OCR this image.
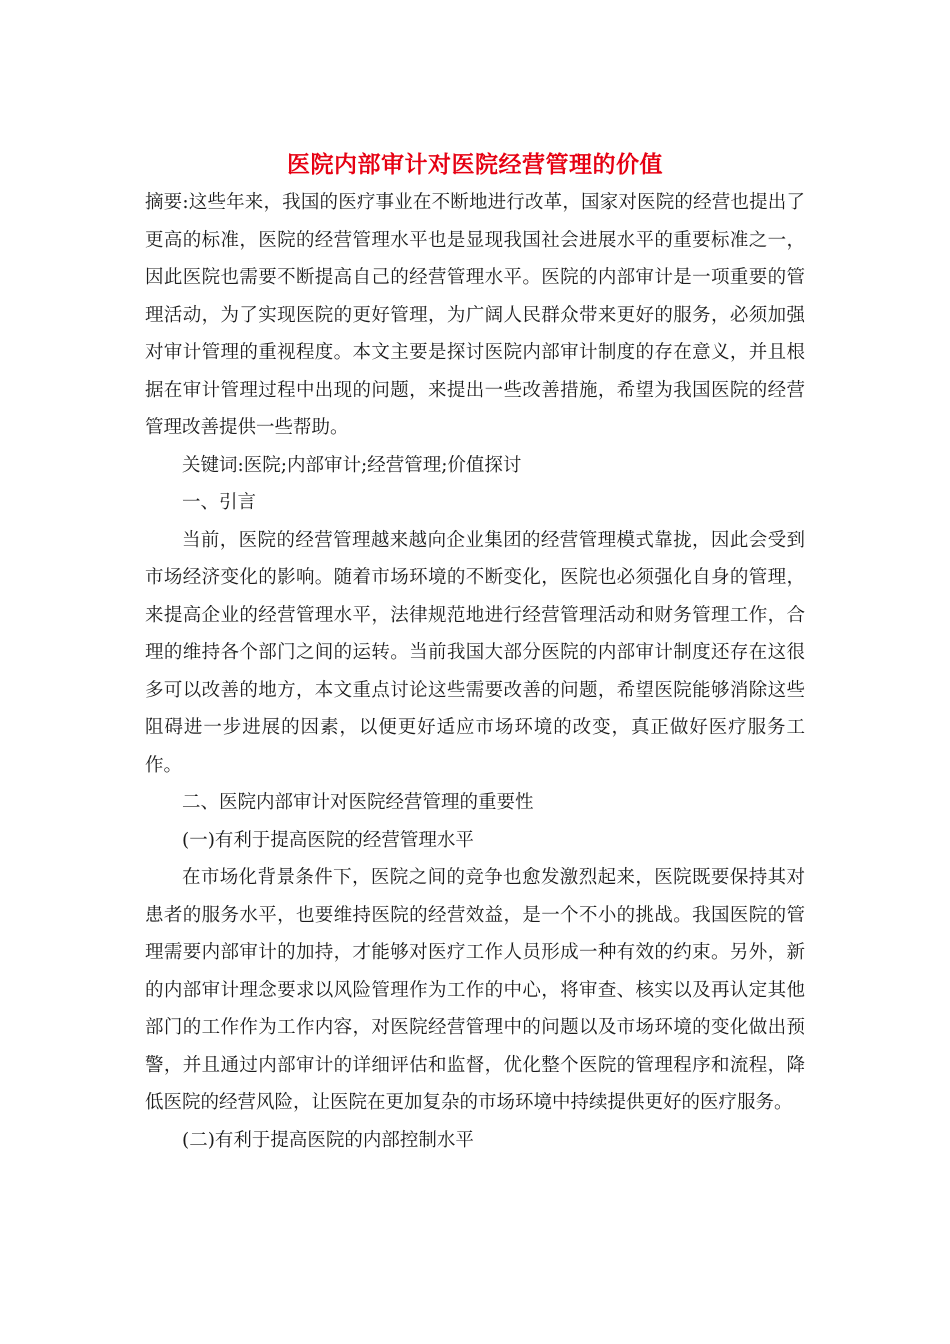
医院内部审计对医院经营管理的价值

摘要:这些年来，我国的医疗事业在不断地进行改革，国家对医院的经营也提出了更高的标准，医院的经营管理水平也是显现我国社会进展水平的重要标准之一，因此医院也需要不断提高自己的经营管理水平。医院的内部审计是一项重要的管理活动，为了实现医院的更好管理，为广阔人民群众带来更好的服务，必须加强对审计管理的重视程度。本文主要是探讨医院内部审计制度的存在意义，并且根据在审计管理过程中出现的问题，来提出一些改善措施，希望为我国医院的经营管理改善提供一些帮助。

关键词:医院;内部审计;经营管理;价值探讨

一、引言

当前，医院的经营管理越来越向企业集团的经营管理模式靠拢，因此会受到市场经济变化的影响。随着市场环境的不断变化，医院也必须强化自身的管理，来提高企业的经营管理水平，法律规范地进行经营管理活动和财务管理工作，合理的维持各个部门之间的运转。当前我国大部分医院的内部审计制度还存在这很多可以改善的地方，本文重点讨论这些需要改善的问题，希望医院能够消除这些阻碍进一步进展的因素，以便更好适应市场环境的改变，真正做好医疗服务工作。

二、医院内部审计对医院经营管理的重要性

(一)有利于提高医院的经营管理水平

在市场化背景条件下，医院之间的竞争也愈发激烈起来，医院既要保持其对患者的服务水平，也要维持医院的经营效益，是一个不小的挑战。我国医院的管理需要内部审计的加持，才能够对医疗工作人员形成一种有效的约束。另外，新的内部审计理念要求以风险管理作为工作的中心，将审查、核实以及再认定其他部门的工作作为工作内容，对医院经营管理中的问题以及市场环境的变化做出预警，并且通过内部审计的详细评估和监督，优化整个医院的管理程序和流程，降低医院的经营风险，让医院在更加复杂的市场环境中持续提供更好的医疗服务。

(二)有利于提高医院的内部控制水平
